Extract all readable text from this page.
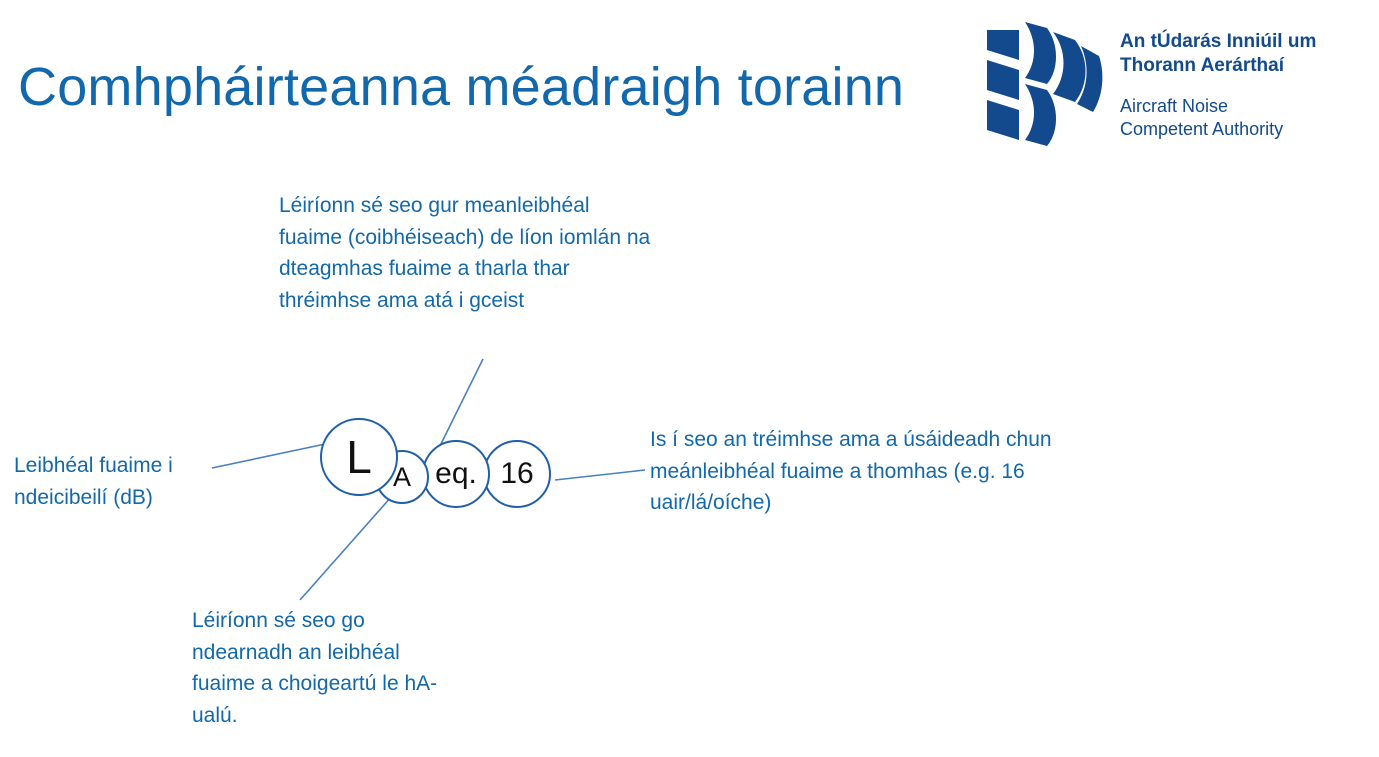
Comhpháirteanna méadraigh torainn
An tÚdarás Inniúil um
Thorann Aerárthaí
Aircraft Noise
Competent Authority
L A eq. 16
Léiríonn sé seo gur meanleibhéal fuaime (coibhéiseach) de líon iomlán na dteagmhas fuaime a tharla thar thréimhse ama atá i gceist
Leibhéal fuaime i ndeicibeilí (dB)
Is í seo an tréimhse ama a úsáideadh chun meánleibhéal fuaime a thomhas (e.g. 16 uair/lá/oíche)
Léiríonn sé seo go ndearnadh an leibhéal fuaime a choigeartú le hA-ualú.
